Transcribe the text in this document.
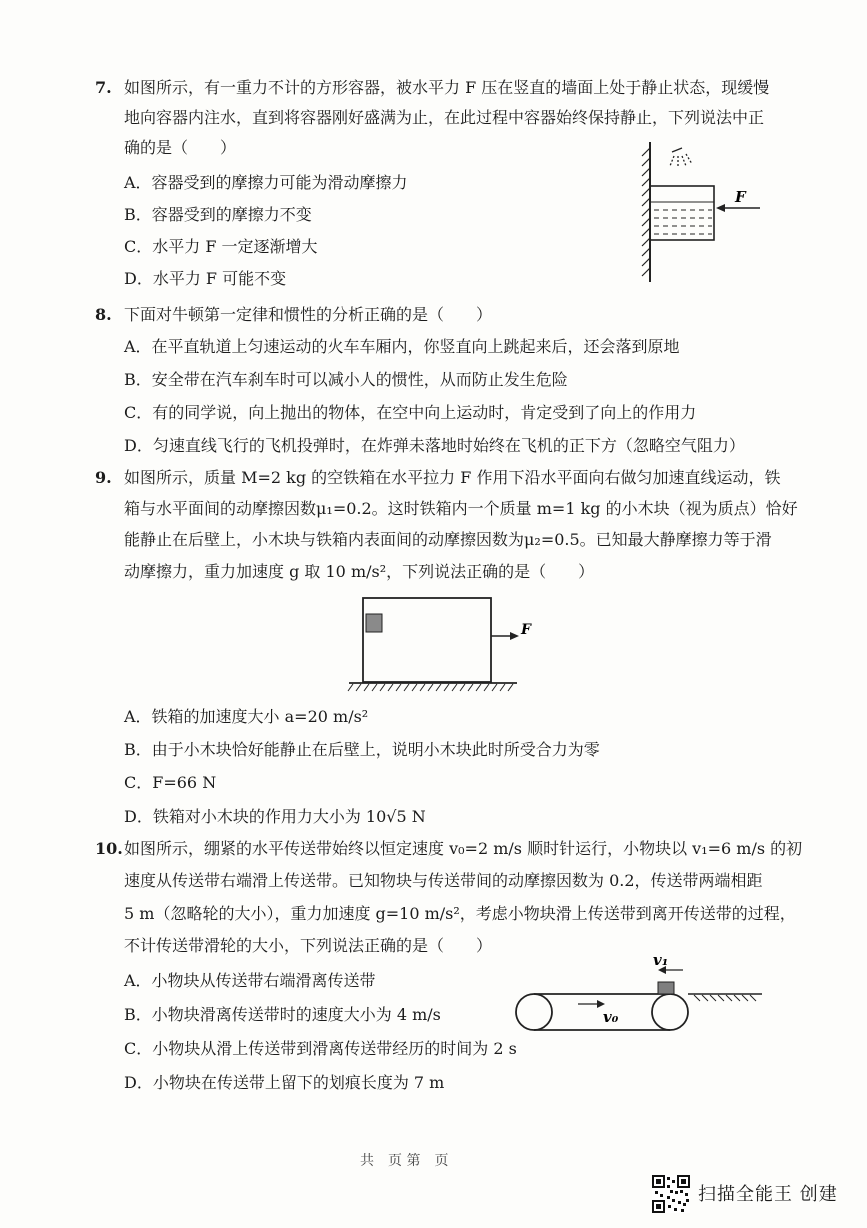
7. 如图所示，有一重力不计的方形容器，被水平力 F 压在竖直的墙面上处于静止状态，现缓慢
地向容器内注水，直到将容器刚好盛满为止，在此过程中容器始终保持静止，下列说法中正
确的是（　　）
A．容器受到的摩擦力可能为滑动摩擦力
B．容器受到的摩擦力不变
C．水平力 F 一定逐渐增大
D．水平力 F 可能不变
F
8. 下面对牛顿第一定律和惯性的分析正确的是（　　）
A．在平直轨道上匀速运动的火车车厢内，你竖直向上跳起来后，还会落到原地
B．安全带在汽车刹车时可以减小人的惯性，从而防止发生危险
C．有的同学说，向上抛出的物体，在空中向上运动时，肯定受到了向上的作用力
D．匀速直线飞行的飞机投弹时，在炸弹未落地时始终在飞机的正下方（忽略空气阻力）
9. 如图所示，质量 M=2 kg 的空铁箱在水平拉力 F 作用下沿水平面向右做匀加速直线运动，铁
箱与水平面间的动摩擦因数μ₁=0.2。这时铁箱内一个质量 m=1 kg 的小木块（视为质点）恰好
能静止在后壁上，小木块与铁箱内表面间的动摩擦因数为μ₂=0.5。已知最大静摩擦力等于滑
动摩擦力，重力加速度 g 取 10 m/s²，下列说法正确的是（　　）
F
A．铁箱的加速度大小 a=20 m/s²
B．由于小木块恰好能静止在后壁上，说明小木块此时所受合力为零
C．F=66 N
D．铁箱对小木块的作用力大小为 10√5 N
10. 如图所示，绷紧的水平传送带始终以恒定速度 v₀=2 m/s 顺时针运行，小物块以 v₁=6 m/s 的初
速度从传送带右端滑上传送带。已知物块与传送带间的动摩擦因数为 0.2，传送带两端相距
5 m（忽略轮的大小），重力加速度 g=10 m/s²，考虑小物块滑上传送带到离开传送带的过程，
不计传送带滑轮的大小，下列说法正确的是（　　）
A．小物块从传送带右端滑离传送带
B．小物块滑离传送带时的速度大小为 4 m/s
C．小物块从滑上传送带到滑离传送带经历的时间为 2 s
D．小物块在传送带上留下的划痕长度为 7 m
v₁
v₀
共　页 第　页
扫描全能王 创建
